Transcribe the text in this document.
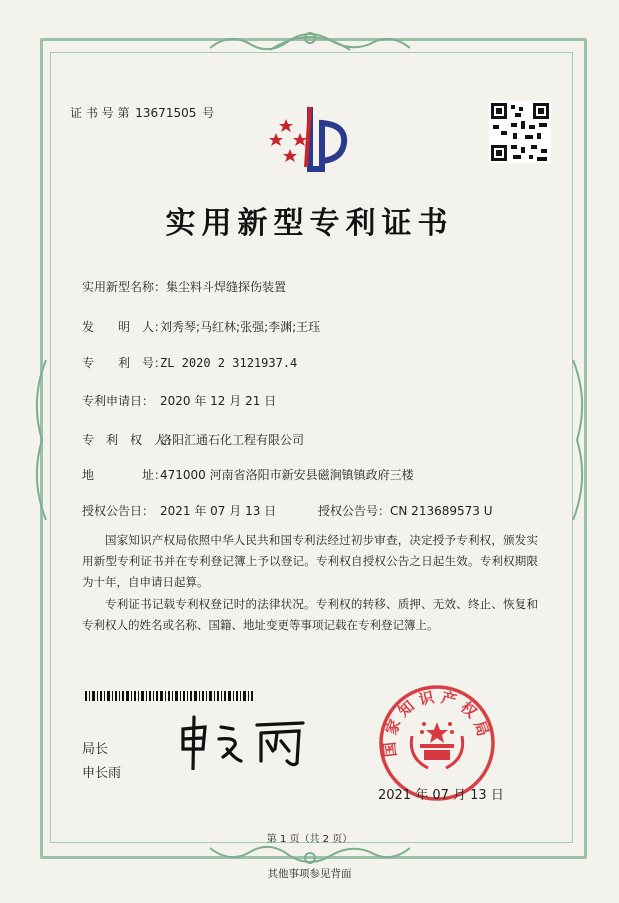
证 书 号 第 13671505 号
实用新型专利证书
实用新型名称：集尘料斗焊缝探伤装置
发　　明　人：刘秀琴;马红林;张强;李渊;王珏
专　　利　号：ZL 2020 2 3121937.4
专利申请日： 2020 年 12 月 21 日
专　利　权　人：洛阳汇通石化工程有限公司
地　　　　址：471000 河南省洛阳市新安县磁涧镇镇政府三楼
授权公告日： 2021 年 07 月 13 日	授权公告号：CN 213689573 U
国家知识产权局依照中华人民共和国专利法经过初步审查，决定授予专利权，颁发实用新型专利证书并在专利登记簿上予以登记。专利权自授权公告之日起生效。专利权期限为十年，自申请日起算。
专利证书记载专利权登记时的法律状况。专利权的转移、质押、无效、终止、恢复和专利权人的姓名或名称、国籍、地址变更等事项记载在专利登记簿上。
局长
申长雨
国 家 知 识 产 权 局
2021 年 07 月 13 日
第 1 页（共 2 页）
其他事项参见背面
